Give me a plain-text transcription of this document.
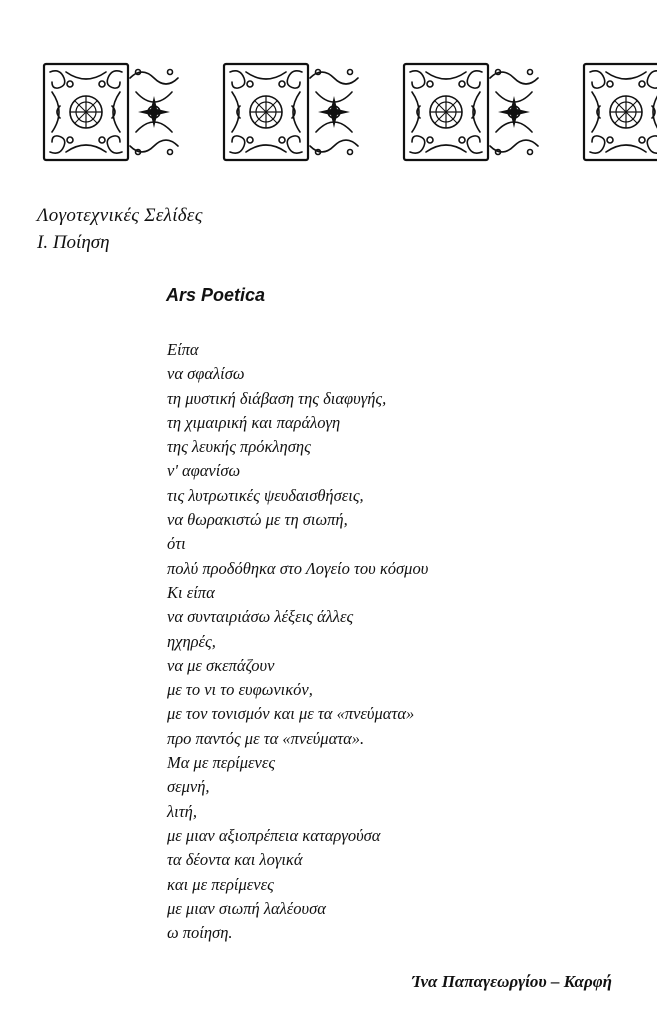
Λογοτεχνικές Σελίδες
Ι. Ποίηση
Ars Poetica
Είπα
να σφαλίσω
τη μυστική διάβαση της διαφυγής,
τη χιμαιρική και παράλογη
της λευκής πρόκλησης
ν' αφανίσω
τις λυτρωτικές ψευδαισθήσεις,
να θωρακιστώ με τη σιωπή,
ότι
πολύ προδόθηκα στο Λογείο του κόσμου
Κι είπα
να συνταιριάσω λέξεις άλλες
ηχηρές,
να με σκεπάζουν
με το νι το ευφωνικόν,
με τον τονισμόν και με τα «πνεύματα»
προ παντός με τα «πνεύματα».
Μα με περίμενες
σεμνή,
λιτή,
με μιαν αξιοπρέπεια καταργούσα
τα δέοντα και λογικά
και με περίμενες
με μιαν σιωπή λαλέουσα
ω ποίηση.
Ίνα Παπαγεωργίου – Καρφή
